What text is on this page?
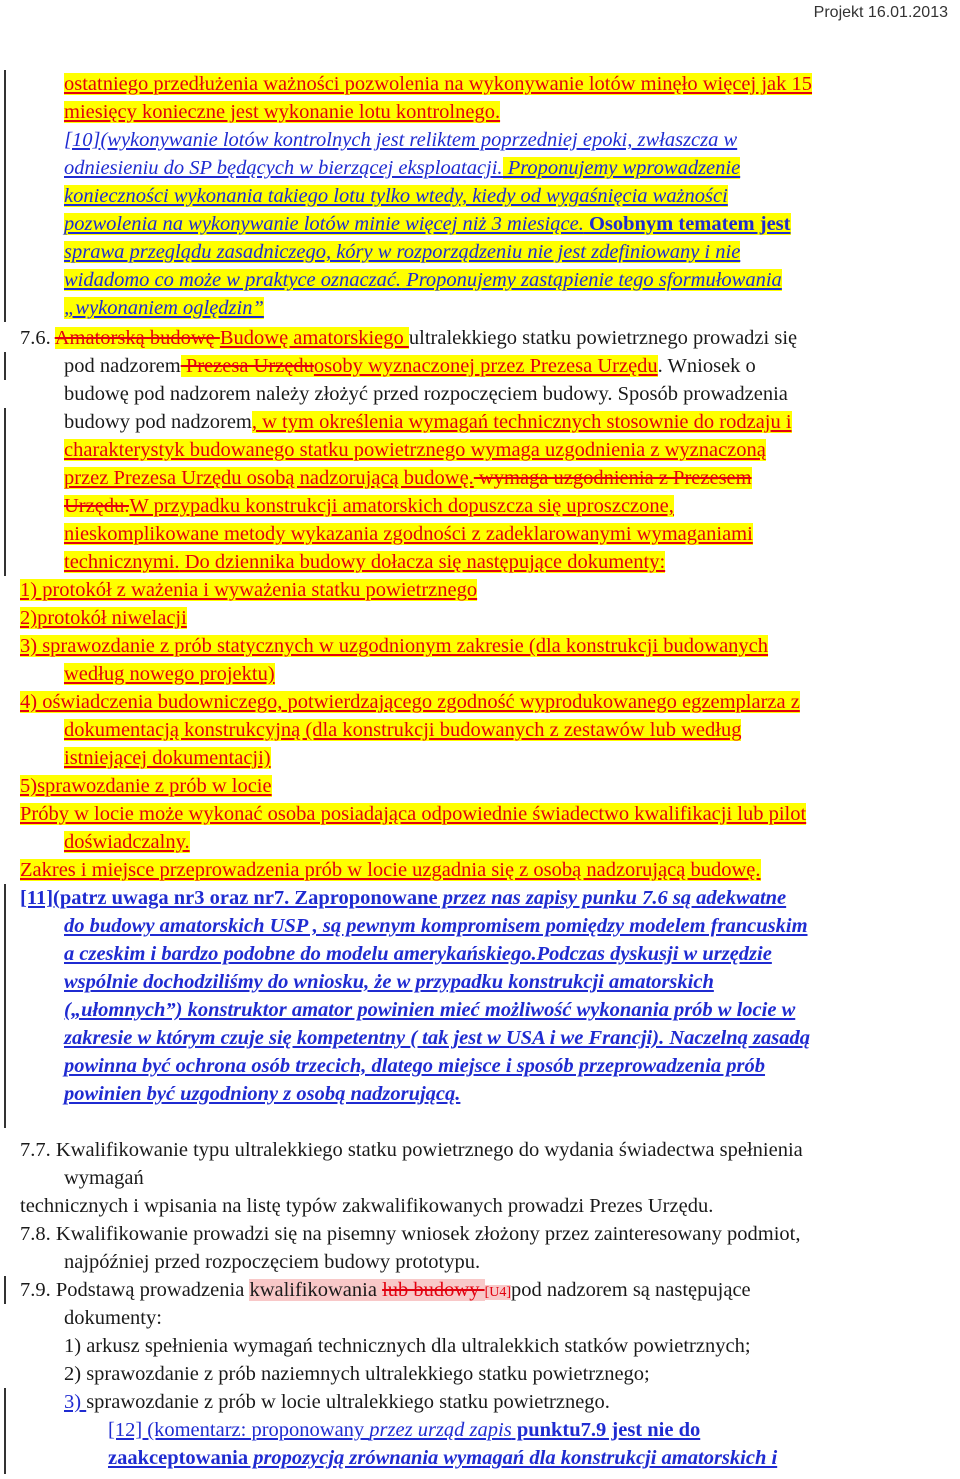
Projekt 16.01.2013
ostatniego przedłużenia ważności pozwolenia na wykonywanie lotów minęło więcej jak 15
miesięcy konieczne jest wykonanie lotu kontrolnego.
[10](wykonywanie lotów kontrolnych jest reliktem poprzedniej epoki, zwłaszcza w
odniesieniu do SP będących w bierzącej eksploatacji. Proponujemy wprowadzenie
konieczności wykonania takiego lotu tylko wtedy, kiedy od wygaśnięcia ważności
pozwolenia na wykonywanie lotów minie więcej niż 3 miesiące. Osobnym tematem jest
sprawa przeglądu zasadniczego, kóry w rozporządzeniu nie jest zdefiniowany i nie
widadomo co może w praktyce oznaczać. Proponujemy zastąpienie tego sformułowania
„wykonaniem oględzin”
7.6. Amatorską budowę Budowę amatorskiego ultralekkiego statku powietrznego prowadzi się
pod nadzorem Prezesa Urzęduosoby wyznaczonej przez Prezesa Urzędu. Wniosek o
budowę pod nadzorem należy złożyć przed rozpoczęciem budowy. Sposób prowadzenia
budowy pod nadzorem, w tym określenia wymagań technicznych stosownie do rodzaju i
charakterystyk budowanego statku powietrznego wymaga uzgodnienia z wyznaczoną
przez Prezesa Urzędu osobą nadzorującą budowę. wymaga uzgodnienia z Prezesem
Urzędu.W przypadku konstrukcji amatorskich dopuszcza się uproszczone,
nieskomplikowane metody wykazania zgodności z zadeklarowanymi wymaganiami
technicznymi. Do dziennika budowy dołacza się następujące dokumenty:
1) protokół z ważenia i wyważenia statku powietrznego
2)protokół niwelacji
3) sprawozdanie z prób statycznych w uzgodnionym zakresie (dla konstrukcji budowanych
według nowego projektu)
4) oświadczenia budowniczego, potwierdzającego zgodność wyprodukowanego egzemplarza z
dokumentacją konstrukcyjną (dla konstrukcji budowanych z zestawów lub według
istniejącej dokumentacji)
5)sprawozdanie z prób w locie
Próby w locie może wykonać osoba posiadająca odpowiednie świadectwo kwalifikacji lub pilot
doświadczalny.
Zakres i miejsce przeprowadzenia prób w locie uzgadnia się z osobą nadzorującą budowę.
[11](patrz uwaga nr3 oraz nr7. Zaproponowane przez nas zapisy punku 7.6 są adekwatne
do budowy amatorskich USP , są pewnym kompromisem pomiędzy modelem francuskim
a czeskim i bardzo podobne do modelu amerykańskiego.Podczas dyskusji w urzędzie
wspólnie dochodziliśmy do wniosku, że w przypadku konstrukcji amatorskich
(„ułomnych”) konstruktor amator powinien mieć możliwość wykonania prób w locie w
zakresie w którym czuje się kompetentny ( tak jest w USA i we Francji). Naczelną zasadą
powinna być ochrona osób trzecich, dlatego miejsce i sposób przeprowadzenia prób
powinien być uzgodniony z osobą nadzorującą.
7.7. Kwalifikowanie typu ultralekkiego statku powietrznego do wydania świadectwa spełnienia
wymagań
technicznych i wpisania na listę typów zakwalifikowanych prowadzi Prezes Urzędu.
7.8. Kwalifikowanie prowadzi się na pisemny wniosek złożony przez zainteresowany podmiot,
najpóźniej przed rozpoczęciem budowy prototypu.
7.9. Podstawą prowadzenia kwalifikowania lub budowy [U4]pod nadzorem są następujące
dokumenty:
1) arkusz spełnienia wymagań technicznych dla ultralekkich statków powietrznych;
2) sprawozdanie z prób naziemnych ultralekkiego statku powietrznego;
3) sprawozdanie z prób w locie ultralekkiego statku powietrznego.
[12] (komentarz: proponowany przez urząd zapis punktu7.9 jest nie do
zaakceptowania propozycją zrównania wymagań dla konstrukcji amatorskich i
